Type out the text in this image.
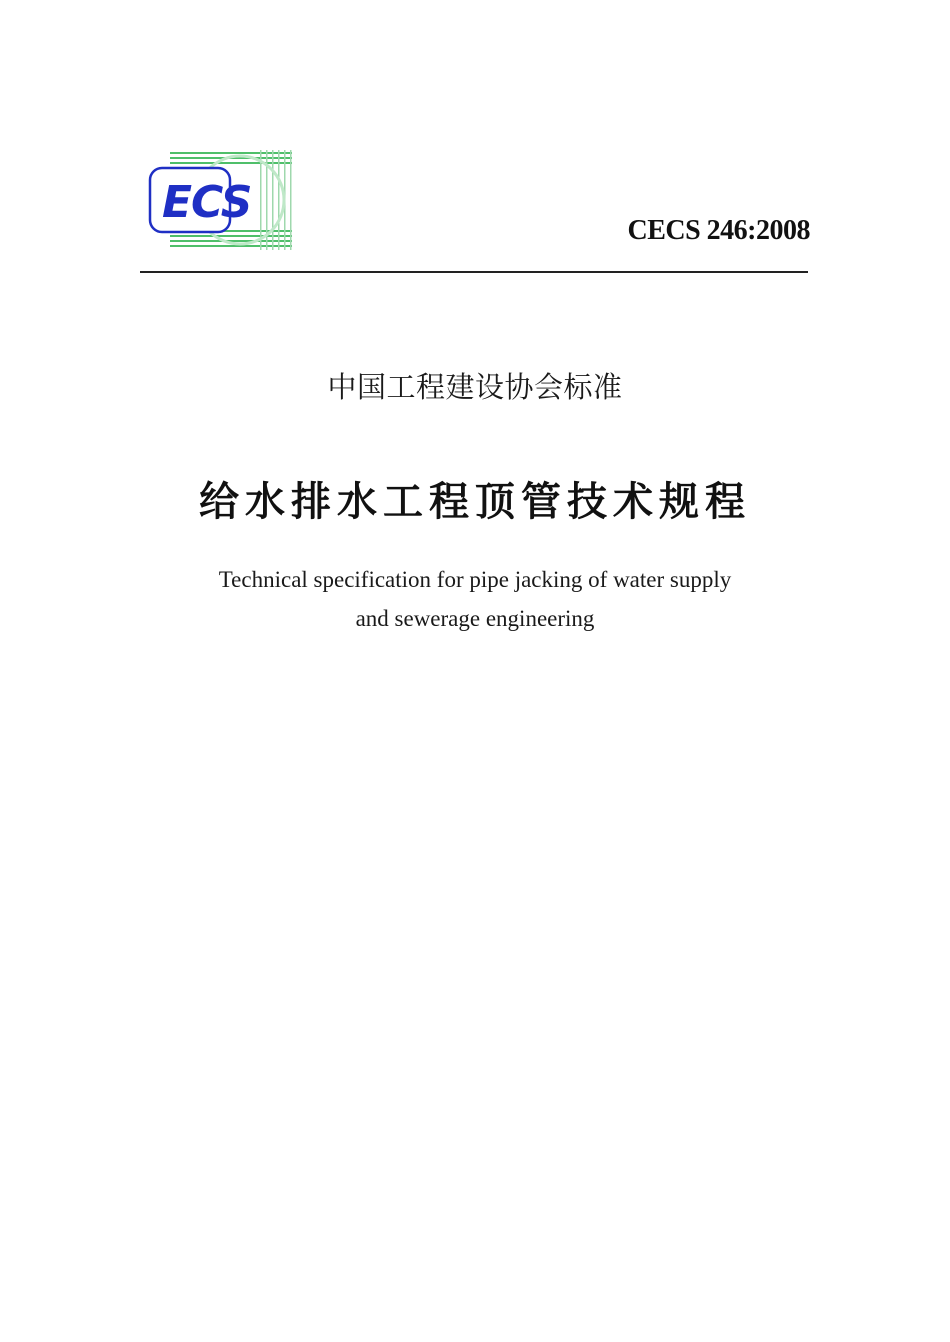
ECS
CECS 246:2008
中国工程建设协会标准
给水排水工程顶管技术规程
Technical specification for pipe jacking of water supply
and sewerage engineering
